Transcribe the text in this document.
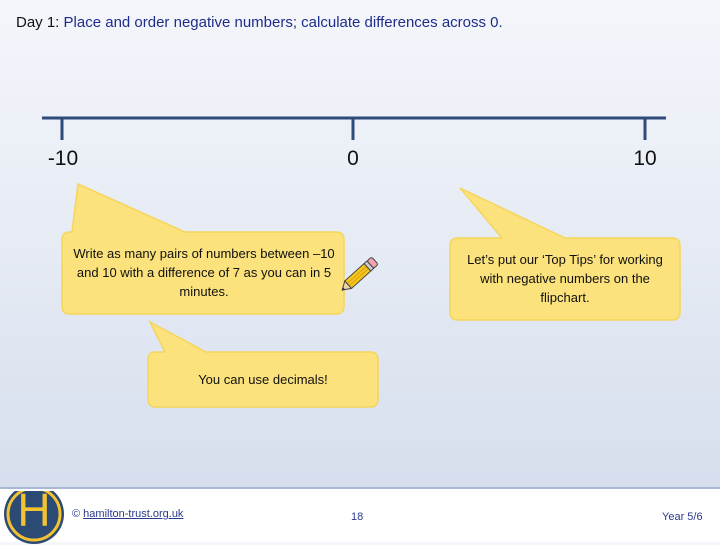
Day 1: Place and order negative numbers; calculate differences across 0.
-10	0	10
Write as many pairs of numbers between –10 and 10 with a difference of 7 as you can in 5 minutes.
Let’s put our ‘Top Tips’ for working with negative numbers on the flipchart.
You can use decimals!
H	© hamilton-trust.org.uk	18	Year 5/6
